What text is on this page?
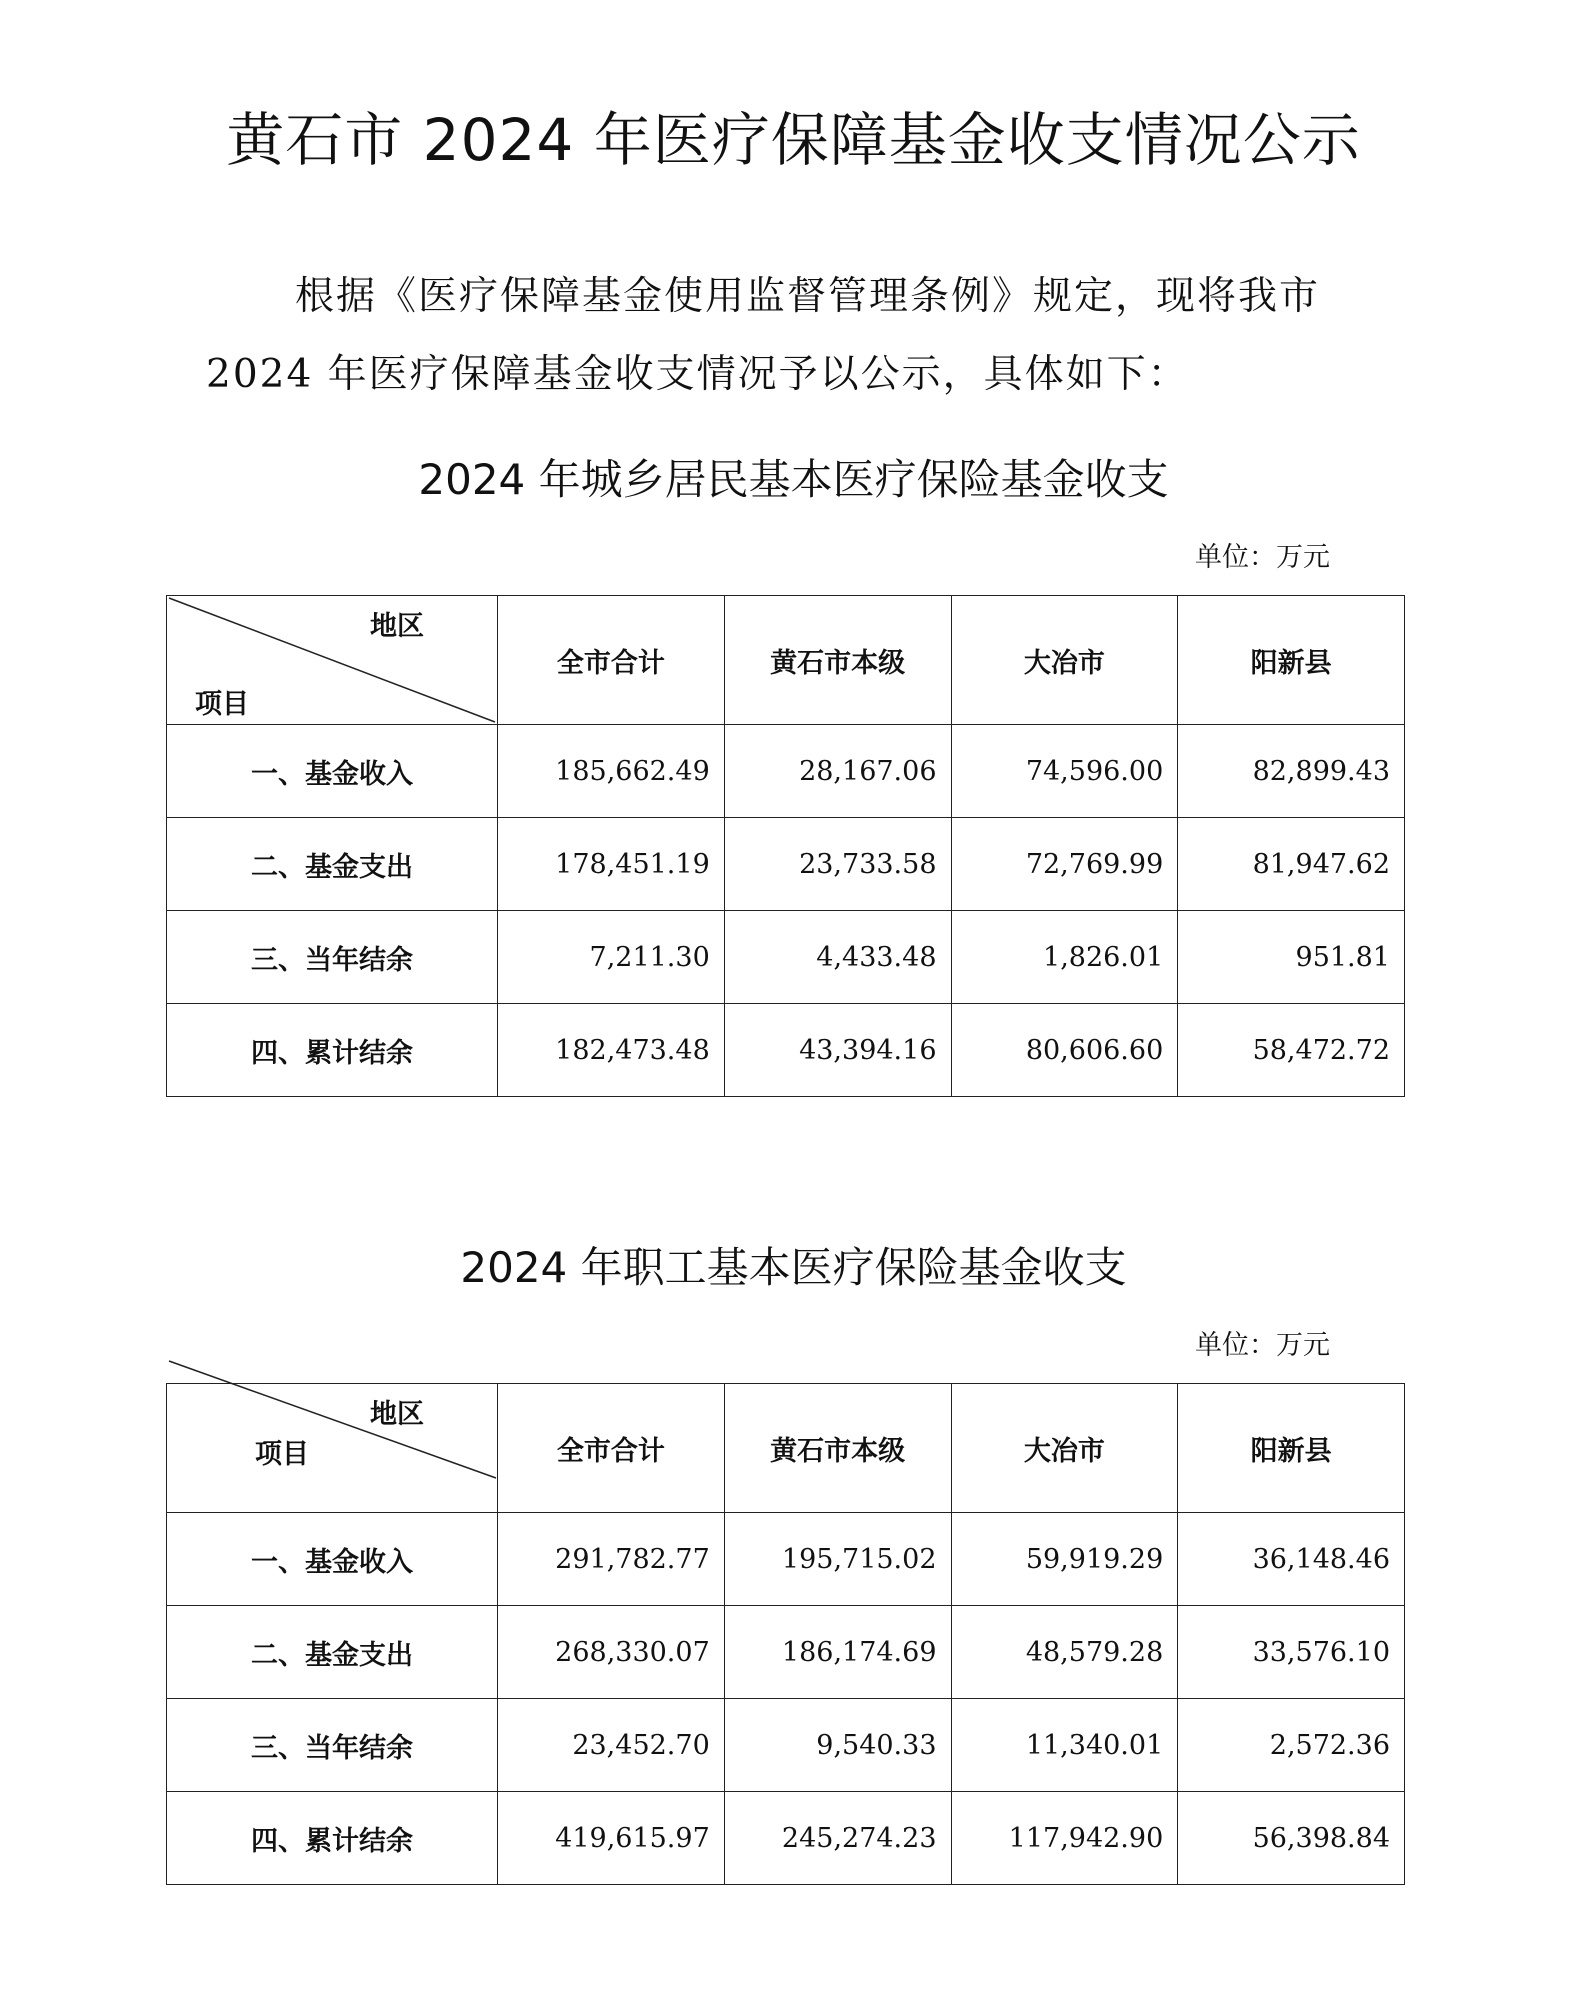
黄石市 2024 年医疗保障基金收支情况公示
根据《医疗保障基金使用监督管理条例》规定，现将我市
2024 年医疗保障基金收支情况予以公示，具体如下：
2024 年城乡居民基本医疗保险基金收支
单位：万元
地区
项目	全市合计	黄石市本级	大冶市	阳新县
一、基金收入	185,662.49	28,167.06	74,596.00	82,899.43
二、基金支出	178,451.19	23,733.58	72,769.99	81,947.62
三、当年结余	7,211.30	4,433.48	1,826.01	951.81
四、累计结余	182,473.48	43,394.16	80,606.60	58,472.72
2024 年职工基本医疗保险基金收支
单位：万元
地区
项目	全市合计	黄石市本级	大冶市	阳新县
一、基金收入	291,782.77	195,715.02	59,919.29	36,148.46
二、基金支出	268,330.07	186,174.69	48,579.28	33,576.10
三、当年结余	23,452.70	9,540.33	11,340.01	2,572.36
四、累计结余	419,615.97	245,274.23	117,942.90	56,398.84
